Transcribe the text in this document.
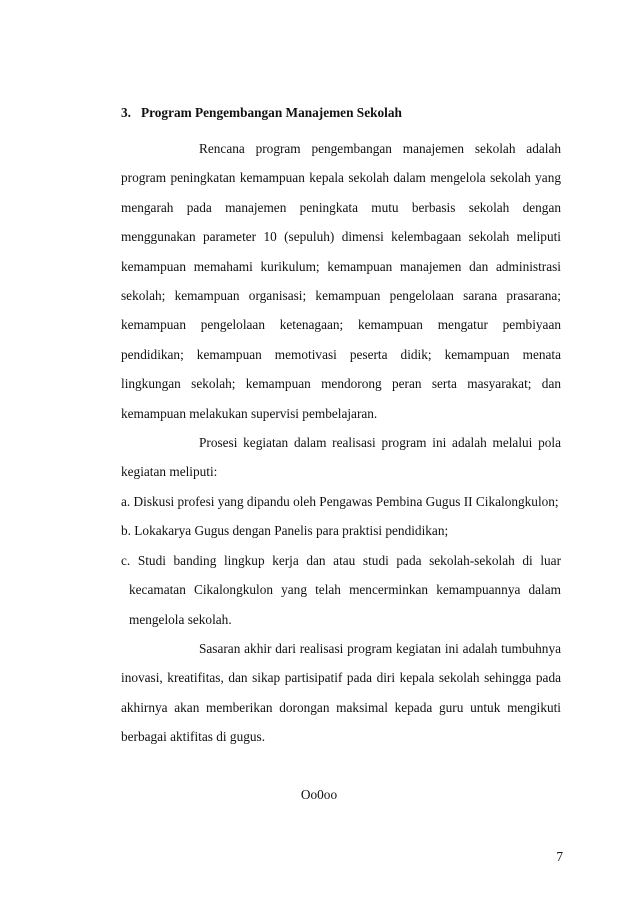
3. Program Pengembangan Manajemen Sekolah

Rencana program pengembangan manajemen sekolah adalah program peningkatan kemampuan kepala sekolah dalam mengelola sekolah yang mengarah pada manajemen peningkata mutu berbasis sekolah dengan menggunakan parameter 10 (sepuluh) dimensi kelembagaan sekolah meliputi kemampuan memahami kurikulum; kemampuan manajemen dan administrasi sekolah; kemampuan organisasi; kemampuan pengelolaan sarana prasarana; kemampuan pengelolaan ketenagaan; kemampuan mengatur pembiyaan pendidikan; kemampuan memotivasi peserta didik; kemampuan menata lingkungan sekolah; kemampuan mendorong peran serta masyarakat; dan kemampuan melakukan supervisi pembelajaran.

Prosesi kegiatan dalam realisasi program ini adalah melalui pola kegiatan meliputi:

a. Diskusi profesi yang dipandu oleh Pengawas Pembina Gugus II Cikalongkulon;

b. Lokakarya Gugus dengan Panelis para praktisi pendidikan;

c. Studi banding lingkup kerja dan atau studi pada sekolah-sekolah di luar kecamatan Cikalongkulon yang telah mencerminkan kemampuannya dalam mengelola sekolah.

Sasaran akhir dari realisasi program kegiatan ini adalah tumbuhnya inovasi, kreatifitas, dan sikap partisipatif pada diri kepala sekolah sehingga pada akhirnya akan memberikan dorongan maksimal kepada guru untuk mengikuti berbagai aktifitas di gugus.

Oo0oo
7
